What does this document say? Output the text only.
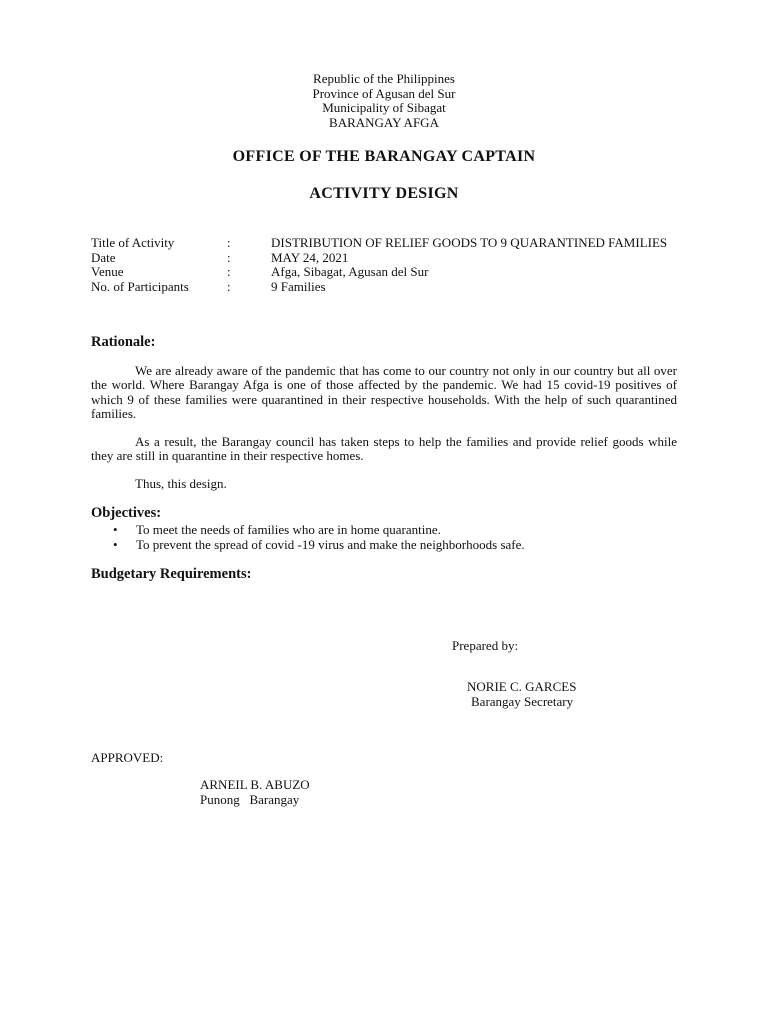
Republic of the Philippines
Province of Agusan del Sur
Municipality of Sibagat
BARANGAY AFGA
OFFICE OF THE BARANGAY CAPTAIN
ACTIVITY DESIGN
Title of Activity	:	DISTRIBUTION OF RELIEF GOODS TO 9 QUARANTINED FAMILIES
Date	:	MAY 24, 2021
Venue	:	Afga, Sibagat, Agusan del Sur
No. of Participants	:	9 Families
Rationale:
We are already aware of the pandemic that has come to our country not only in our country but all over the world. Where Barangay Afga is one of those affected by the pandemic. We had 15 covid-19 positives of which 9 of these families were quarantined in their respective households. With the help of such quarantined families.
As a result, the Barangay council has taken steps to help the families and provide relief goods while they are still in quarantine in their respective homes.
Thus, this design.
Objectives:
• To meet the needs of families who are in home quarantine.
• To prevent the spread of covid -19 virus and make the neighborhoods safe.
Budgetary Requirements:
Prepared by:
NORIE C. GARCES
Barangay Secretary
APPROVED:
ARNEIL B. ABUZO
Punong   Barangay
